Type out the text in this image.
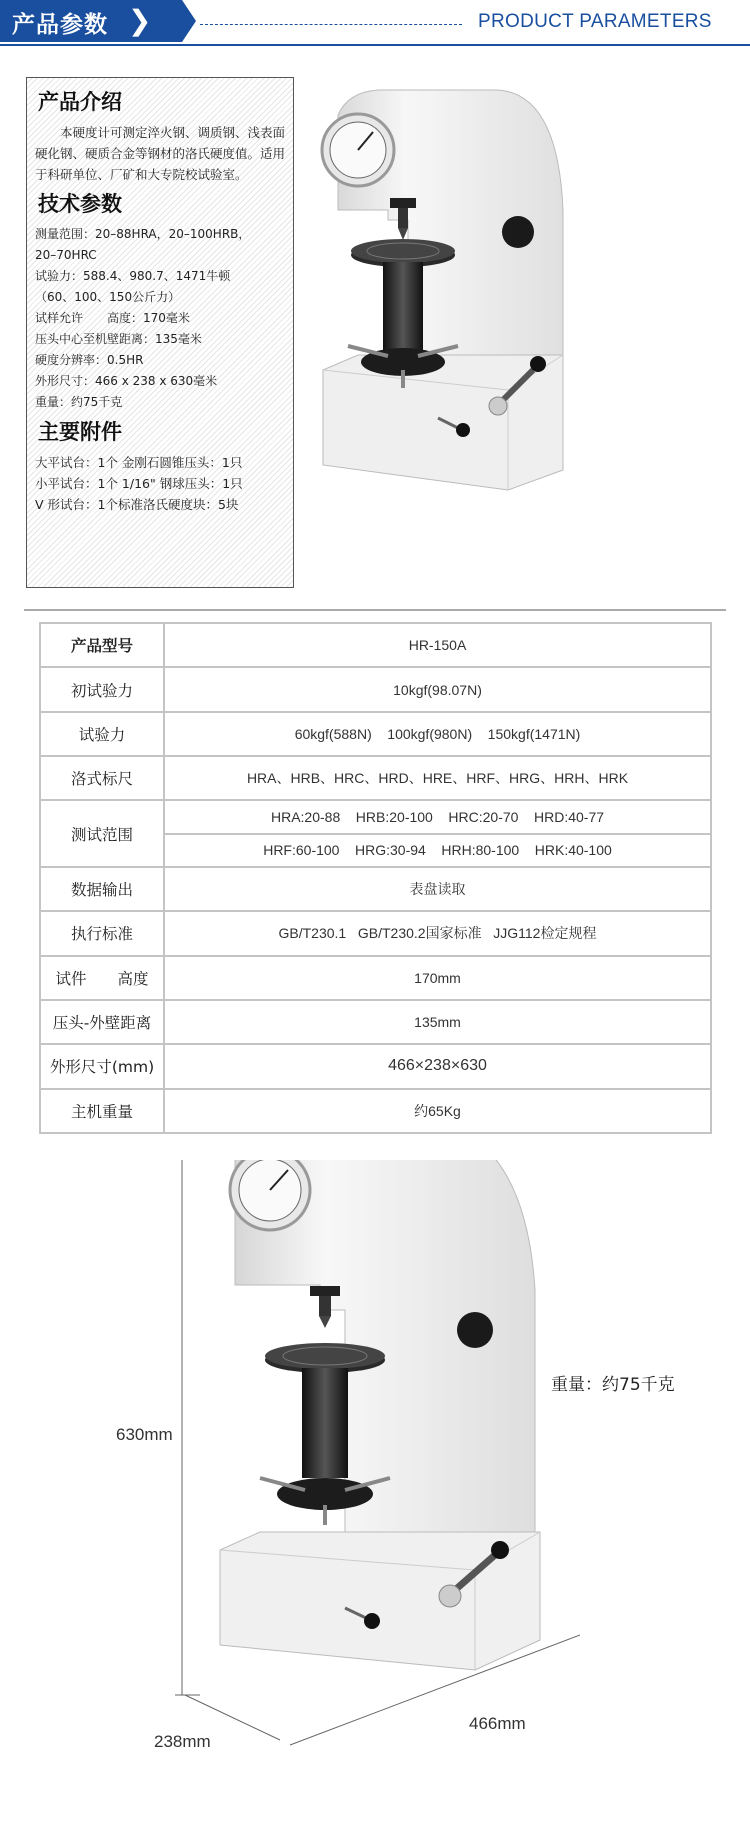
产品参数 ❯	PRODUCT PARAMETERS
产品介绍

本硬度计可测定淬火钢、调质钢、浅表面硬化钢、硬质合金等钢材的洛氏硬度值。适用于科研单位、厂矿和大专院校试验室。

技术参数
测量范围：20–88HRA，20–100HRB，
20–70HRC
试验力：588.4、980.7、1471牛顿
（60、100、150公斤力）
试样允许　　高度：170毫米
压头中心至机壁距离：135毫米
硬度分辨率：0.5HR
外形尺寸：466 x 238 x 630毫米
重量：约75千克
主要附件
大平试台：1个 金刚石圆锥压头：1只
小平试台：1个 1/16" 钢球压头：1只
V 形试台：1个标准洛氏硬度块：5块
产品型号	HR-150A
初试验力	10kgf(98.07N)
试验力	60kgf(588N)    100kgf(980N)    150kgf(1471N)
洛式标尺	HRA、HRB、HRC、HRD、HRE、HRF、HRG、HRH、HRK
测试范围	HRA:20-88    HRB:20-100    HRC:20-70    HRD:40-77
	HRF:60-100    HRG:30-94    HRH:80-100    HRK:40-100
数据输出	表盘读取
执行标准	GB/T230.1   GB/T230.2国家标准   JJG112检定规程
试件　　高度	170mm
压头-外壁距离	135mm
外形尺寸(mm)	466×238×630
主机重量	约65Kg
630mm
238mm
466mm
重量：约75千克
